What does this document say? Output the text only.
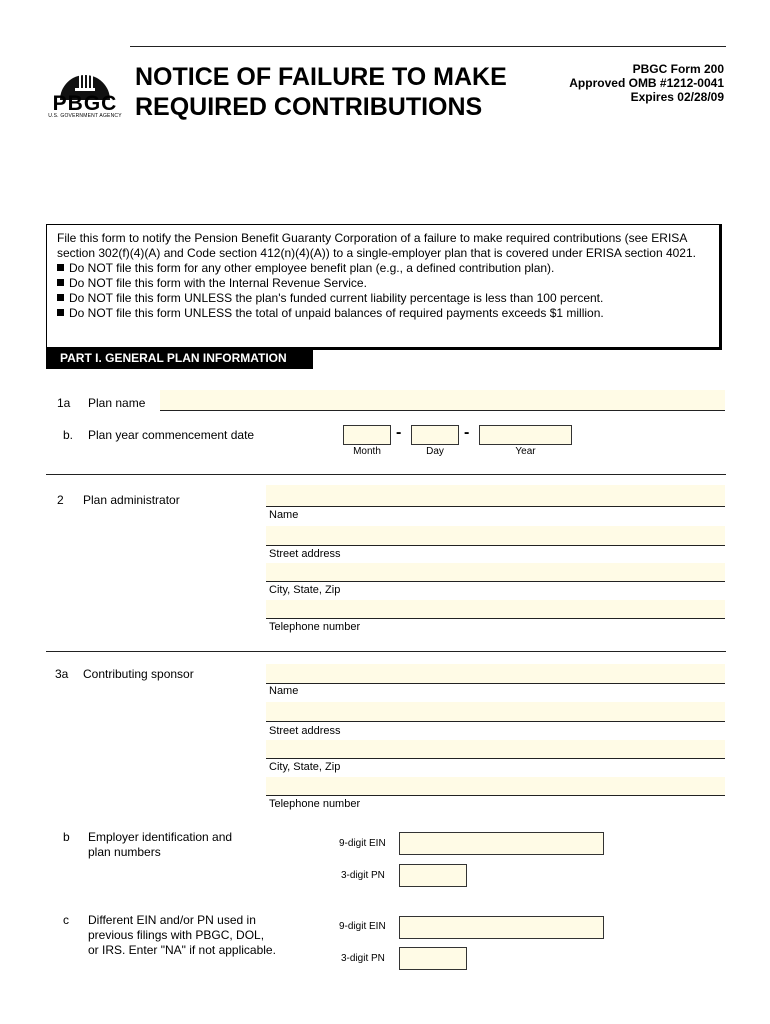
PBGC
U.S. GOVERNMENT AGENCY
NOTICE OF FAILURE TO MAKE
REQUIRED CONTRIBUTIONS
PBGC Form 200
Approved OMB #1212-0041
Expires 02/28/09
File this form to notify the Pension Benefit Guaranty Corporation of a failure to make required contributions (see ERISA section 302(f)(4)(A) and Code section 412(n)(4)(A)) to a single-employer plan that is covered under ERISA section 4021.
Do NOT file this form for any other employee benefit plan (e.g., a defined contribution plan).
Do NOT file this form with the Internal Revenue Service.
Do NOT file this form UNLESS the plan's funded current liability percentage is less than 100 percent.
Do NOT file this form UNLESS the total of unpaid balances of required payments exceeds $1 million.
PART I. GENERAL PLAN INFORMATION
1a Plan name
b. Plan year commencement date	-	-
Month	Day	Year
2 Plan administrator
Name
Street address
City, State, Zip
Telephone number
3a Contributing sponsor
Name
Street address
City, State, Zip
Telephone number
b Employer identification and
plan numbers
9-digit EIN
3-digit PN
c Different EIN and/or PN used in
previous filings with PBGC, DOL,
or IRS. Enter "NA" if not applicable.
9-digit EIN
3-digit PN
